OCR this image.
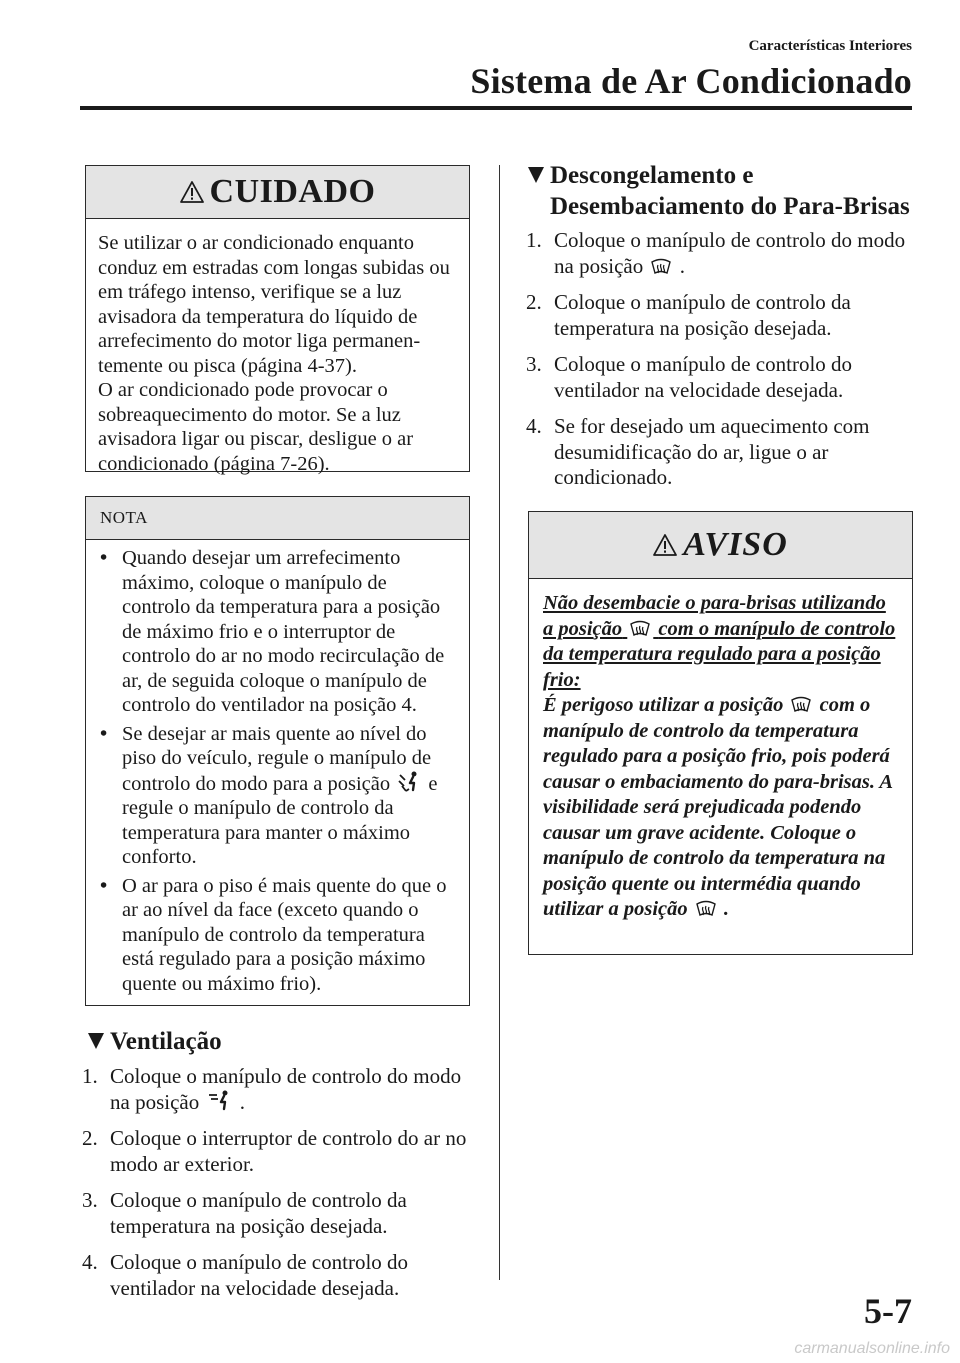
Características Interiores
Sistema de Ar Condicionado
CUIDADO

Se utilizar o ar condicionado enquanto conduz em estradas com longas subidas ou em tráfego intenso, verifique se a luz avisadora da temperatura do líquido de arrefecimento do motor liga permanen-temente ou pisca (página 4-37).

O ar condicionado pode provocar o sobreaquecimento do motor. Se a luz avisadora ligar ou piscar, desligue o ar condicionado (página 7-26).

NOTA
• Quando desejar um arrefecimento máximo, coloque o manípulo de controlo da temperatura para a posição de máximo frio e o interruptor de controlo do ar no modo recirculação de ar, de seguida coloque o manípulo de controlo do ventilador na posição 4.
• Se desejar ar mais quente ao nível do piso do veículo, regule o manípulo de controlo do modo para a posição e regule o manípulo de controlo da temperatura para manter o máximo conforto.
• O ar para o piso é mais quente do que o ar ao nível da face (exceto quando o manípulo de controlo da temperatura está regulado para a posição máximo quente ou máximo frio).
Ventilação
1. Coloque o manípulo de controlo do modo na posição .
2. Coloque o interruptor de controlo do ar no modo ar exterior.
3. Coloque o manípulo de controlo da temperatura na posição desejada.
4. Coloque o manípulo de controlo do ventilador na velocidade desejada.
Descongelamento e
Desembaciamento do Para-Brisas
1. Coloque o manípulo de controlo do modo na posição .
2. Coloque o manípulo de controlo da temperatura na posição desejada.
3. Coloque o manípulo de controlo do ventilador na velocidade desejada.
4. Se for desejado um aquecimento com desumidificação do ar, ligue o ar condicionado.
AVISO

Não desembacie o para-brisas utilizando a posição com o manípulo de controlo da temperatura regulado para a posição frio:

É perigoso utilizar a posição com o manípulo de controlo da temperatura regulado para a posição frio, pois poderá causar o embaciamento do para-brisas. A visibilidade será prejudicada podendo causar um grave acidente. Coloque o manípulo de controlo da temperatura na posição quente ou intermédia quando utilizar a posição .

5-7
carmanualsonline.info
